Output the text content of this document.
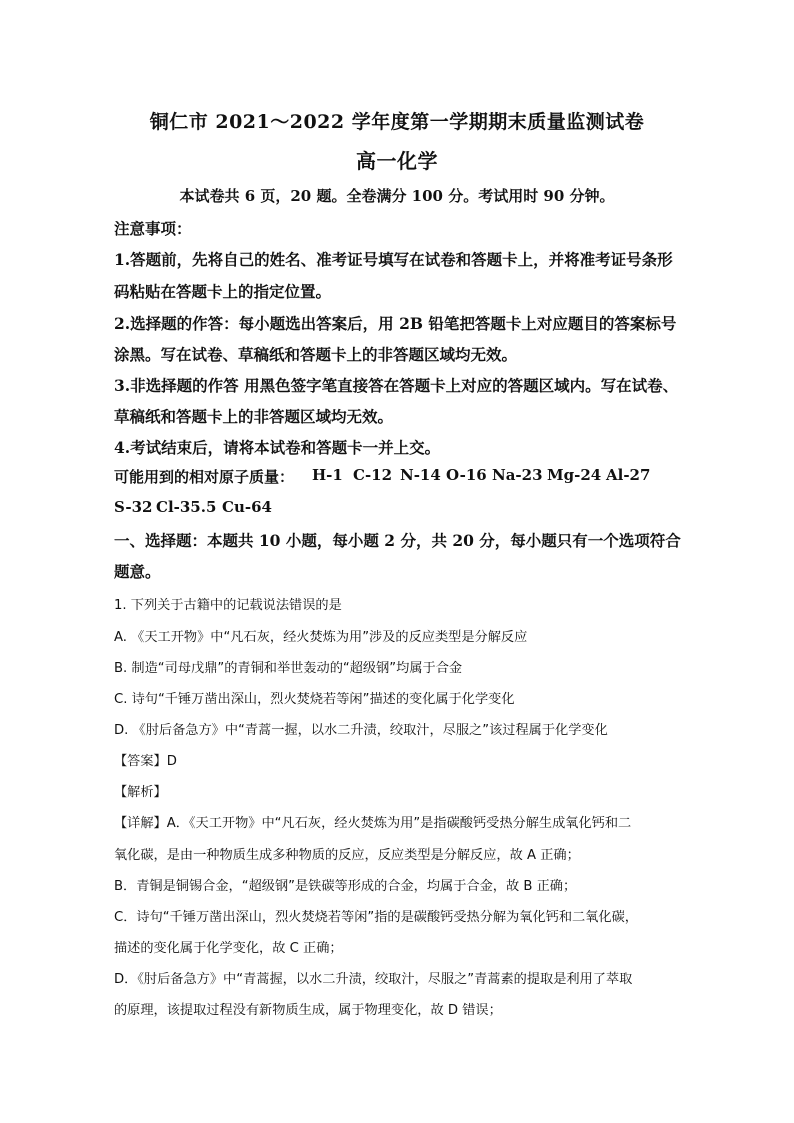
铜仁市 2021～2022 学年度第一学期期末质量监测试卷
高一化学
本试卷共 6 页，20 题。全卷满分 100 分。考试用时 90 分钟。
注意事项：
1.答题前，先将自己的姓名、准考证号填写在试卷和答题卡上，并将准考证号条形
码粘贴在答题卡上的指定位置。
2.选择题的作答：每小题选出答案后，用 2B 铅笔把答题卡上对应题目的答案标号
涂黑。写在试卷、草稿纸和答题卡上的非答题区域均无效。
3.非选择题的作答 用黑色签字笔直接答在答题卡上对应的答题区域内。写在试卷、
草稿纸和答题卡上的非答题区域均无效。
4.考试结束后，请将本试卷和答题卡一并上交。
可能用到的相对原子质量： H-1 C-12 N-14 O-16 Na-23 Mg-24 Al-27
S-32 Cl-35.5 Cu-64
一、选择题：本题共 10 小题，每小题 2 分，共 20 分，每小题只有一个选项符合
题意。
1. 下列关于古籍中的记载说法错误的是
A. 《天工开物》中“凡石灰，经火焚炼为用”涉及的反应类型是分解反应
B. 制造“司母戊鼎”的青铜和举世轰动的“超级钢”均属于合金
C. 诗句“千锤万凿出深山，烈火焚烧若等闲”描述的变化属于化学变化
D. 《肘后备急方》中“青蒿一握，以水二升渍，绞取汁，尽服之”该过程属于化学变化
【答案】D
【解析】
【详解】A．《天工开物》中“凡石灰，经火焚炼为用”是指碳酸钙受热分解生成氧化钙和二
氧化碳，是由一种物质生成多种物质的反应，反应类型是分解反应，故 A 正确；
B．青铜是铜锡合金，“超级钢”是铁碳等形成的合金，均属于合金，故 B 正确；
C．诗句“千锤万凿出深山，烈火焚烧若等闲”指的是碳酸钙受热分解为氧化钙和二氧化碳，
描述的变化属于化学变化，故 C 正确；
D．《肘后备急方》中“青蒿握，以水二升渍，绞取汁，尽服之”青蒿素的提取是利用了萃取
的原理，该提取过程没有新物质生成，属于物理变化，故 D 错误；
